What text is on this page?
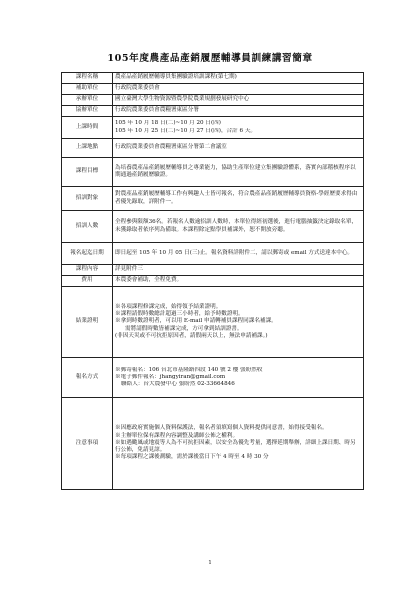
105年度農產品產銷履歷輔導員訓練講習簡章
課程名稱	農產品產銷履歷輔導員集團驗證培訓課程(第七期)
補助單位	行政院農業委員會
承辦單位	國立臺灣大學生物資源暨農學院農業規劃發展研究中心
協辦單位	行政院農業委員會農糧署東區分署
上課時間	105 年 10 月 18 日(二)~10 月 20 日(四)
105 年 10 月 25 日(二)~10 月 27 日(四)，合計 6 天。

上課地點	行政院農業委員會農糧署東區分署第二會議室
課程目標	為培養農產品產銷履歷輔導員之專業能力，協助生產單位建立集團驗證體系，落實內部稽核程序以期通過產銷履歷驗證。

招訓對象	對農產品產銷履歷輔導工作有興趣人士皆可報名，符合農產品產銷履歷輔導員資格-學經歷要求得由者優先錄取，詳附件一。

招訓人數	全程參與限額36名。若報名人數逾招訓人數時，本單位得經初選後，進行電腦抽籤決定錄取名單，未獲錄取者依序列為備取。本課程除定點學員補課外，恕不開放旁聽。

報名起迄日期	即日起至 105 年 10 月 05 日(三)止。報名資料詳附件二，請以郵寄或 email 方式送達本中心。

課程內容	詳見附件三
費用	本農委會補助，全程免費。
結業證明	※各項課程修課完成，始得領予結業證明。
※課程請假時數總計超過三小時者，給予時數證明。
※拿到時數證明者，可以用 E-mail 申請轉補員課程同課名補課。
需將請假時數皆補課完成，方可拿到結訓證書。
(非因天災或不可抗拒原因者，請假兩天以上，無法申請補課。)

報名方式	※郵寄報名：106 台北市基隆路四段 140 號 2 樓 張盼然收
※電子郵件報名：jhangyiran@gmail.com
聯絡人：台大農發中心 張盼然 02-33664846

注意事項	※因應政府實施個人資料保護法，報名者須填寫個人資料提供同意書，始得接受報名。
※主辦單位保有課程內容調整及講師公佈之權利。
※如遇颱風或地震等人為不可抗拒因素，以安全為優先考量，選擇延期舉辦，詳細上課日期、時另行公佈，免請見諒。
※每項課程之課後測驗，需於課後當日下午 4 時至 4 時 30 分
1
